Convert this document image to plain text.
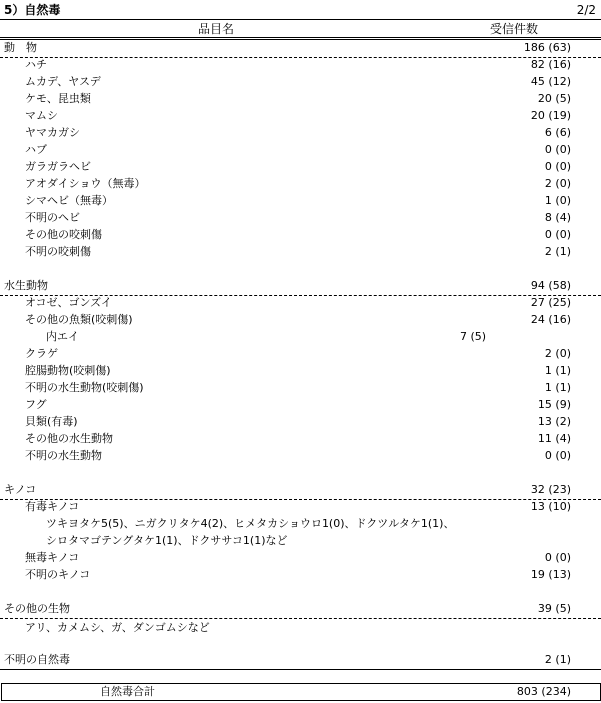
5）自然毒	2/2
品目名	受信件数
動　物	186 (63)
ハチ	82 (16)
ムカデ、ヤスデ	45 (12)
ケモ、昆虫類	20 (5)
マムシ	20 (19)
ヤマカガシ	6 (6)
ハブ	0 (0)
ガラガラヘビ	0 (0)
アオダイショウ（無毒）	2 (0)
シマヘビ（無毒）	1 (0)
不明のヘビ	8 (4)
その他の咬刺傷	0 (0)
不明の咬刺傷	2 (1)
水生動物	94 (58)
オコゼ、ゴンズイ	27 (25)
その他の魚類(咬刺傷)	24 (16)
内エイ	7 (5)
クラゲ	2 (0)
腔腸動物(咬刺傷)	1 (1)
不明の水生動物(咬刺傷)	1 (1)
フグ	15 (9)
貝類(有毒)	13 (2)
その他の水生動物	11 (4)
不明の水生動物	0 (0)
キノコ	32 (23)
有毒キノコ	13 (10)
ツキヨタケ5(5)、ニガクリタケ4(2)、ヒメタカショウロ1(0)、ドクツルタケ1(1)、
シロタマゴテングタケ1(1)、ドクササコ1(1)など
無毒キノコ	0 (0)
不明のキノコ	19 (13)
その他の生物	39 (5)
アリ、カメムシ、ガ、ダンゴムシなど
不明の自然毒	2 (1)
自然毒合計	803 (234)
